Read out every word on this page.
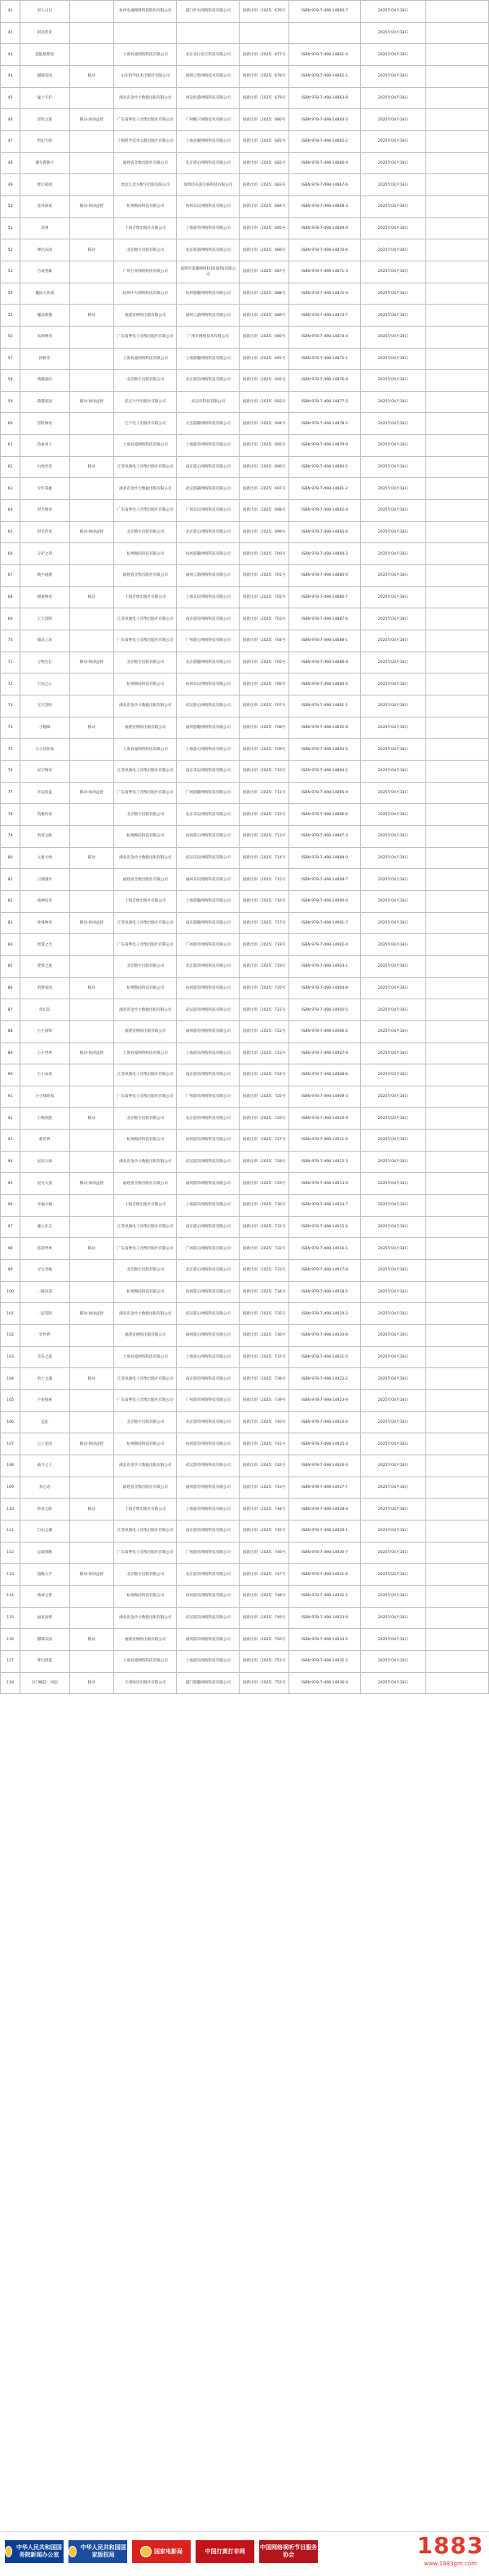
41	双人日记		杭州电魂网络科技股份有限公司	厦门炉火网络科技有限公司	国新出审〔2025〕676号	ISBN 978-7-498-14860-7	2025年04月18日	
42	阿达传奇						2025年04月18日	
43	超能联想家		上海育凌网络科技有限公司	北京克拉克天科技有限公司	国新出审〔2025〕677号	ISBN 978-7-498-14861-4	2025年04月18日	
44	猫咪帝国	移动	山东科学技术出版社有限公司	深圳云集网络技术有限公司	国新出审〔2025〕678号	ISBN 978-7-498-14862-1	2025年04月18日	
45	猛士守护		湖北省金沙大数据出版有限公司	西安仙游网络科技有限公司	国新出审〔2025〕679号	ISBN 978-7-498-14863-8	2025年04月18日	
46	冒险之旅	移动-休闲益智	广东南粤电子音像出版社有限公司	广州椰子网络技术有限公司	国新出审〔2025〕680号	ISBN 978-7-498-14864-5	2025年04月18日	
47	贵妃大师		上海科学技术文献出版社有限公司	上海欢聚网络科技有限公司	国新出审〔2025〕681号	ISBN 978-7-498-14865-2	2025年04月18日	
48	赛车教鲁卡		福建省音像出版社有限公司	北京游心网络科技有限公司	国新出审〔2025〕682号	ISBN 978-7-498-14866-9	2025年04月18日	
49	梦幻家园		黑龙江北方数字出版有限公司	深圳市乐游互娱科技有限公司	国新出审〔2025〕683号	ISBN 978-7-498-14867-6	2025年04月18日	
50	连环探案	移动-休闲益智	杭州数码科技有限公司	杭州乐玩网络科技有限公司	国新出审〔2025〕684号	ISBN 978-7-498-14868-3	2025年04月18日	
51	清州		上海音像出版社有限公司	上海游奇网络科技有限公司	国新出审〔2025〕685号	ISBN 978-7-498-14869-0	2025年04月18日	
52	弹出乐园	移动	北京数字出版有限公司	北京萌游网络科技有限公司	国新出审〔2025〕686号	ISBN 978-7-498-14870-6	2025年04月18日	
53	合成英雄		广州万青网络科技有限公司	深圳市掌趣网络科技(深圳)有限公司	国新出审〔2025〕687号	ISBN 978-7-498-14871-3	2025年04月18日	
54	魔法大作战		杭州中天网络科技有限公司	杭州游趣网络科技有限公司	国新出审〔2025〕688号	ISBN 978-7-498-14872-0	2025年04月18日	
55	魔法师猫	移动	福建省网络出版有限公司	福州云游网络科技有限公司	国新出审〔2025〕689号	ISBN 978-7-498-14873-7	2025年04月18日	
56	农场物语		广东南粤电子音像出版社有限公司	广州市网络技术有限公司	国新出审〔2025〕690号	ISBN 978-7-498-14874-4	2025年04月18日	
57	拼拼乐		上海育凌网络科技有限公司	上海游趣网络科技有限公司	国新出审〔2025〕691号	ISBN 978-7-498-14875-1	2025年04月18日	
58	萌猫战纪		北京数字出版有限公司	北京游乐网络科技有限公司	国新出审〔2025〕692号	ISBN 978-7-498-14876-8	2025年04月18日	
59	萌猫家园	移动-休闲益智	武汉大学出版社有限公司	武汉市科技有限公司	国新出审〔2025〕693号	ISBN 978-7-498-14877-5	2025年04月18日	
60	冒险物语		辽宁电子出版社有限公司	大连游趣网络科技有限公司	国新出审〔2025〕694号	ISBN 978-7-498-14878-2	2025年04月18日	
61	热血勇士		上海育凌网络科技有限公司	上海游奇网络科技有限公司	国新出审〔2025〕695号	ISBN 978-7-498-14879-9	2025年04月18日	
62	山海异兽	移动	江苏凤凰电子音像出版社有限公司	南京游心网络科技有限公司	国新出审〔2025〕696号	ISBN 978-7-498-14880-5	2025年04月18日	
63	少年英雄		湖北省金沙大数据出版有限公司	武汉游趣网络科技有限公司	国新出审〔2025〕697号	ISBN 978-7-498-14881-2	2025年04月18日	
64	时光物语		广东南粤电子音像出版社有限公司	广州乐玩网络科技有限公司	国新出审〔2025〕698号	ISBN 978-7-498-14882-9	2025年04月18日	
65	时光传说	移动-休闲益智	北京数字出版有限公司	北京游心网络科技有限公司	国新出审〔2025〕699号	ISBN 978-7-498-14883-6	2025年04月18日	
66	守护之剑		杭州数码科技有限公司	杭州游趣网络科技有限公司	国新出审〔2025〕700号	ISBN 978-7-498-14884-3	2025年04月18日	
67	数字谜题		福建省音像出版社有限公司	福州云游网络科技有限公司	国新出审〔2025〕701号	ISBN 978-7-498-14885-0	2025年04月18日	
68	甜蜜物语	移动	上海音像出版社有限公司	上海乐玩网络科技有限公司	国新出审〔2025〕702号	ISBN 978-7-498-14886-7	2025年04月18日	
69	天天消除		江苏凤凰电子音像出版社有限公司	南京游奇网络科技有限公司	国新出审〔2025〕703号	ISBN 978-7-498-14887-4	2025年04月18日	
70	甜品工坊		广东南粤电子音像出版社有限公司	广州游心网络科技有限公司	国新出审〔2025〕704号	ISBN 978-7-498-14888-1	2025年04月18日	
71	万物生长	移动-休闲益智	北京数字出版有限公司	北京游趣网络科技有限公司	国新出审〔2025〕705号	ISBN 978-7-498-14889-8	2025年04月18日	
72	王国之心		杭州数码科技有限公司	杭州乐玩网络科技有限公司	国新出审〔2025〕706号	ISBN 978-7-498-14890-4	2025年04月18日	
73	无尽冒险		湖北省金沙大数据出版有限公司	武汉游心网络科技有限公司	国新出审〔2025〕707号	ISBN 978-7-498-14891-1	2025年04月18日	
74	小猫咪	移动	福建省网络出版有限公司	福州游趣网络科技有限公司	国新出审〔2025〕708号	ISBN 978-7-498-14892-8	2025年04月18日	
75	小小冒险家		上海育凌网络科技有限公司	上海游心网络科技有限公司	国新出审〔2025〕709号	ISBN 978-7-498-14893-5	2025年04月18日	
76	星空物语		江苏凤凰电子音像出版社有限公司	南京乐玩网络科技有限公司	国新出审〔2025〕710号	ISBN 978-7-498-14894-2	2025年04月18日	
77	幸运转盘	移动-休闲益智	广东南粤电子音像出版社有限公司	广州游趣网络科技有限公司	国新出审〔2025〕711号	ISBN 978-7-498-14895-9	2025年04月18日	
78	英雄传说		北京数字出版有限公司	北京乐玩网络科技有限公司	国新出审〔2025〕712号	ISBN 978-7-498-14896-6	2025年04月18日	
79	勇者之路		杭州数码科技有限公司	杭州游心网络科技有限公司	国新出审〔2025〕713号	ISBN 978-7-498-14897-3	2025年04月18日	
80	元素大师	移动	湖北省金沙大数据出版有限公司	武汉乐玩网络科技有限公司	国新出审〔2025〕714号	ISBN 978-7-498-14898-0	2025年04月18日	
81	云端漫步		福建省音像出版社有限公司	福州乐玩网络科技有限公司	国新出审〔2025〕715号	ISBN 978-7-498-14899-7	2025年04月18日	
82	战神归来		上海音像出版社有限公司	上海游趣网络科技有限公司	国新出审〔2025〕716号	ISBN 978-7-498-14900-0	2025年04月18日	
83	珍珠物语	移动-休闲益智	江苏凤凰电子音像出版社有限公司	南京游趣网络科技有限公司	国新出审〔2025〕717号	ISBN 978-7-498-14901-7	2025年04月18日	
84	智慧之光		广东南粤电子音像出版社有限公司	广州游奇网络科技有限公司	国新出审〔2025〕718号	ISBN 978-7-498-14902-4	2025年04月18日	
85	逐梦之旅		北京数字出版有限公司	北京游奇网络科技有限公司	国新出审〔2025〕719号	ISBN 978-7-498-14903-1	2025年04月18日	
86	筑梦家园	移动	杭州数码科技有限公司	杭州游奇网络科技有限公司	国新出审〔2025〕720号	ISBN 978-7-498-14904-8	2025年04月18日	
87	奇幻岛		湖北省金沙大数据出版有限公司	武汉游奇网络科技有限公司	国新出审〔2025〕721号	ISBN 978-7-498-14905-5	2025年04月18日	
88	小小厨师		福建省网络出版有限公司	福州游奇网络科技有限公司	国新出审〔2025〕722号	ISBN 978-7-498-14906-2	2025年04月18日	
89	小小世界	移动-休闲益智	上海育凌网络科技有限公司	上海游乐网络科技有限公司	国新出审〔2025〕723号	ISBN 978-7-498-14907-9	2025年04月18日	
90	小小农场		江苏凤凰电子音像出版社有限公司	南京游乐网络科技有限公司	国新出审〔2025〕724号	ISBN 978-7-498-14908-6	2025年04月18日	
91	小小探险家		广东南粤电子音像出版社有限公司	广州游乐网络科技有限公司	国新出审〔2025〕725号	ISBN 978-7-498-14909-3	2025年04月18日	
92	小熊快跑	移动	北京数字出版有限公司	北京游乐网络科技有限公司	国新出审〔2025〕726号	ISBN 978-7-498-14910-9	2025年04月18日	
93	新世界		杭州数码科技有限公司	杭州游乐网络科技有限公司	国新出审〔2025〕727号	ISBN 978-7-498-14911-6	2025年04月18日	
94	星辰大海		湖北省金沙大数据出版有限公司	武汉游乐网络科技有限公司	国新出审〔2025〕728号	ISBN 978-7-498-14912-3	2025年04月18日	
95	星光大道	移动-休闲益智	福建省音像出版社有限公司	福州游乐网络科技有限公司	国新出审〔2025〕729号	ISBN 978-7-498-14913-0	2025年04月18日	
96	幸福小镇		上海音像出版社有限公司	上海游乐网络科技有限公司	国新出审〔2025〕730号	ISBN 978-7-498-14914-7	2025年04月18日	
97	雄心壮志		江苏凤凰电子音像出版社有限公司	南京游心网络科技有限公司	国新出审〔2025〕731号	ISBN 978-7-498-14915-4	2025年04月18日	
98	炫彩世界	移动	广东南粤电子音像出版社有限公司	广州游心网络科技有限公司	国新出审〔2025〕732号	ISBN 978-7-498-14916-1	2025年04月18日	
99	寻宝奇缘		北京数字出版有限公司	北京游心网络科技有限公司	国新出审〔2025〕733号	ISBN 978-7-498-14917-8	2025年04月18日	
100	一路向前		杭州数码科技有限公司	杭州游心网络科技有限公司	国新出审〔2025〕734号	ISBN 978-7-498-14918-5	2025年04月18日	
101	一起冒险	移动-休闲益智	湖北省金沙大数据出版有限公司	武汉游心网络科技有限公司	国新出审〔2025〕735号	ISBN 978-7-498-14919-2	2025年04月18日	
102	异世界		福建省网络出版有限公司	福州游心网络科技有限公司	国新出审〔2025〕736号	ISBN 978-7-498-14920-8	2025年04月18日	
103	音乐之旅		上海育凌网络科技有限公司	上海游心网络科技有限公司	国新出审〔2025〕737号	ISBN 978-7-498-14921-5	2025年04月18日	
104	勇士之魂	移动	江苏凤凰电子音像出版社有限公司	南京游奇网络科技有限公司	国新出审〔2025〕738号	ISBN 978-7-498-14922-2	2025年04月18日	
105	宇宙探索		广东南粤电子音像出版社有限公司	广州游奇网络科技有限公司	国新出审〔2025〕739号	ISBN 978-7-498-14923-9	2025年04月18日	
106	远征		北京数字出版有限公司	北京游奇网络科技有限公司	国新出审〔2025〕740号	ISBN 978-7-498-14924-6	2025年04月18日	
107	云上花园	移动-休闲益智	杭州数码科技有限公司	杭州游奇网络科技有限公司	国新出审〔2025〕741号	ISBN 978-7-498-14925-3	2025年04月18日	
108	战斗之王		湖北省金沙大数据出版有限公司	武汉游奇网络科技有限公司	国新出审〔2025〕742号	ISBN 978-7-498-14926-0	2025年04月18日	
109	真心话		福建省音像出版社有限公司	福州游奇网络科技有限公司	国新出审〔2025〕743号	ISBN 978-7-498-14927-7	2025年04月18日	
110	智者之路	移动	上海音像出版社有限公司	上海游奇网络科技有限公司	国新出审〔2025〕744号	ISBN 978-7-498-14928-4	2025年04月18日	
111	自由之翼		江苏凤凰电子音像出版社有限公司	南京游乐网络科技有限公司	国新出审〔2025〕745号	ISBN 978-7-498-14929-1	2025年04月18日	
112	总裁别跑		广东南粤电子音像出版社有限公司	广州游乐网络科技有限公司	国新出审〔2025〕746号	ISBN 978-7-498-14930-7	2025年04月18日	
113	超级大亨	移动-休闲益智	北京数字出版有限公司	北京游乐网络科技有限公司	国新出审〔2025〕747号	ISBN 978-7-498-14931-4	2025年04月18日	
114	翡翠之梦		杭州数码科技有限公司	杭州游乐网络科技有限公司	国新出审〔2025〕748号	ISBN 978-7-498-14932-1	2025年04月18日	
115	福星高照		湖北省金沙大数据出版有限公司	武汉游乐网络科技有限公司	国新出审〔2025〕749号	ISBN 978-7-498-14933-8	2025年04月18日	
116	猫咪乐园	移动	福建省网络出版有限公司	福州游乐网络科技有限公司	国新出审〔2025〕750号	ISBN 978-7-498-14934-5	2025年04月18日	
117	梦幻西游		上海育凌网络科技有限公司	上海游乐网络科技有限公司	国新出审〔2025〕751号	ISBN 978-7-498-14935-2	2025年04月18日	
118	宗门崛起：风起	移动	天津海洋出版社有限公司	厦门游趣网络科技有限公司	国新出审〔2025〕752号	ISBN 978-7-498-14936-9	2025年04月18日	
中华人民共和国国务院新闻办公室
中华人民共和国国家版权局
国家电影局	中国打黄打非网
中国网络视听节目服务协会	1883
www.1883gm.com
